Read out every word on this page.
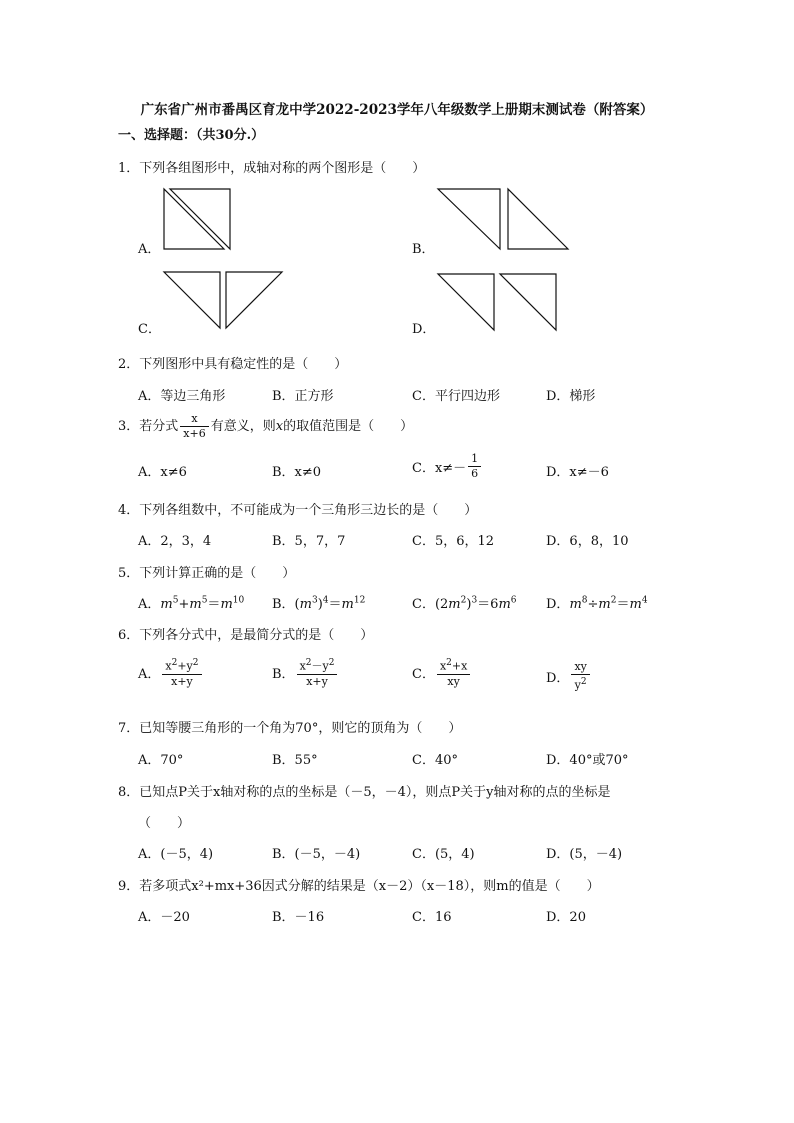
广东省广州市番禺区育龙中学2022-2023学年八年级数学上册期末测试卷（附答案）
一、选择题：（共30分.）
1．下列各组图形中，成轴对称的两个图形是（　　）
A．	B．
C．	D．
2．下列图形中具有稳定性的是（　　）
A．等边三角形	B．正方形	C．平行四边形	D．梯形
3．若分式 $\frac{x}{x+6}$ 有意义，则x的取值范围是（　　）
A．x≠6	B．x≠0	C．$x\ne- \frac{1}{6}$	D．x≠－6
4．下列各组数中，不可能成为一个三角形三边长的是（　　）
A．2，3，4	B．5，7，7	C．5，6，12	D．6，8，10
5．下列计算正确的是（　　）
A．$m^5+m^5=m^{10}$ B．$(m^3)^4=m^{12}$	C．$(2m^2)^3=6m^6$ D．$m^8\div m^2=m^4$
6．下列各分式中，是最简分式的是（　　）
A． $\frac{x^2+y^2}{x+y}$	B． $\frac{x^2-y^2}{x+y}$	C． $\frac{x^2+x}{xy}$	D． $\frac{xy}{y^2}$
7．已知等腰三角形的一个角为70°，则它的顶角为（　　）
A．70°	B．55°	C．40°	D．40°或70°
8．已知点P关于x轴对称的点的坐标是（－5，－4），则点P关于y轴对称的点的坐标是
（　　）
A．(－5，4)	B．(－5，－4)	C．(5，4)	D．(5，－4)
9．若多项式x²+mx+36因式分解的结果是（x－2）（x－18），则m的值是（　　）
A．－20	B．－16	C．16	D．20
